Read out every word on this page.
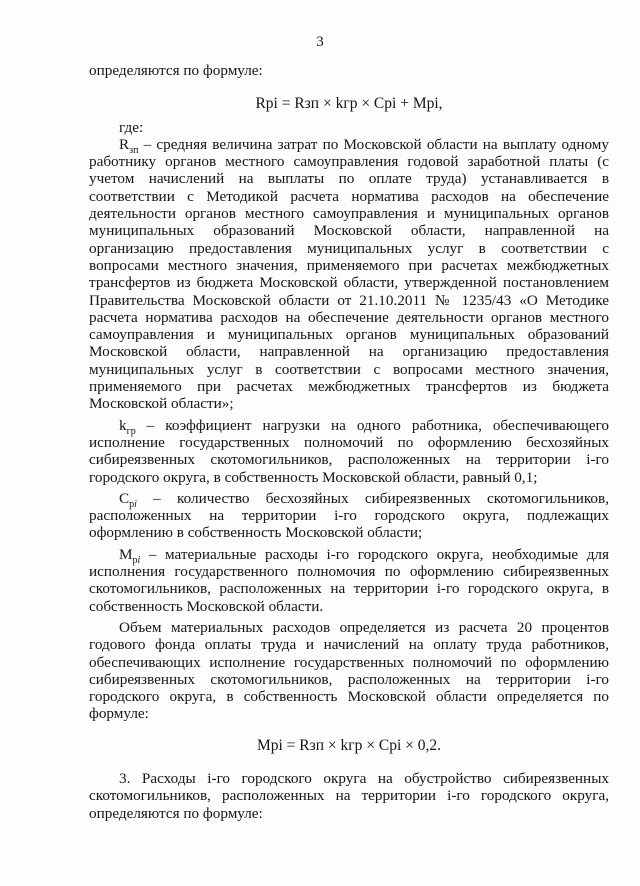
3

определяются по формуле:

Rpi = Rзп × kгр × Cpi + Mpi,

где:

$R_{зп}$ – средняя величина затрат по Московской области на выплату одному работнику органов местного самоуправления годовой заработной платы (с учетом начислений на выплаты по оплате труда) устанавливается в соответствии с Методикой расчета норматива расходов на обеспечение деятельности органов местного самоуправления и муниципальных органов муниципальных образований Московской области, направленной на организацию предоставления муниципальных услуг в соответствии с вопросами местного значения, применяемого при расчетах межбюджетных трансфертов из бюджета Московской области, утвержденной постановлением Правительства Московской области от 21.10.2011 № 1235/43 «О Методике расчета норматива расходов на обеспечение деятельности органов местного самоуправления и муниципальных органов муниципальных образований Московской области, направленной на организацию предоставления муниципальных услуг в соответствии с вопросами местного значения, применяемого при расчетах межбюджетных трансфертов из бюджета Московской области»;

$k_{гр}$ – коэффициент нагрузки на одного работника, обеспечивающего исполнение государственных полномочий по оформлению бесхозяйных сибиреязвенных скотомогильников, расположенных на территории i-го городского округа, в собственность Московской области, равный 0,1;

$C_{pi}$ – количество бесхозяйных сибиреязвенных скотомогильников, расположенных на территории i-го городского округа, подлежащих оформлению в собственность Московской области;

$M_{pi}$ – материальные расходы i-го городского округа, необходимые для исполнения государственного полномочия по оформлению сибиреязвенных скотомогильников, расположенных на территории i-го городского округа, в собственность Московской области.

Объем материальных расходов определяется из расчета 20 процентов годового фонда оплаты труда и начислений на оплату труда работников, обеспечивающих исполнение государственных полномочий по оформлению сибиреязвенных скотомогильников, расположенных на территории i-го городского округа, в собственность Московской области определяется по формуле:

Mpi = Rзп × kгр × Cpi × 0,2.

3. Расходы i-го городского округа на обустройство сибиреязвенных скотомогильников, расположенных на территории i-го городского округа, определяются по формуле:
